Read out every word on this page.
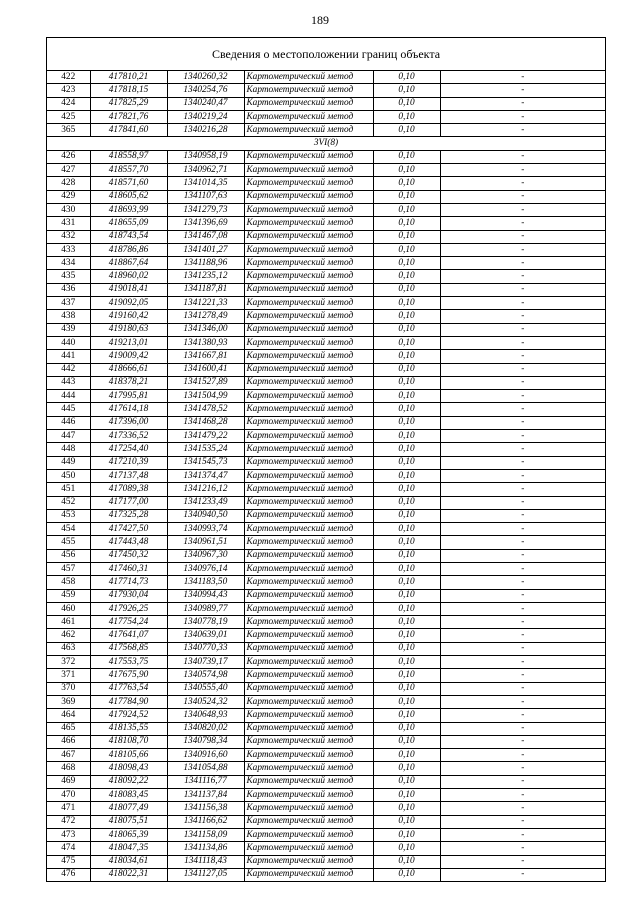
189
Сведения о местоположении границ объекта
422	417810,21	1340260,32	Картометрический метод	0,10	-
423	417818,15	1340254,76	Картометрический метод	0,10	-
424	417825,29	1340240,47	Картометрический метод	0,10	-
425	417821,76	1340219,24	Картометрический метод	0,10	-
365	417841,60	1340216,28	Картометрический метод	0,10	-
3VI(8)					
426	418558,97	1340958,19	Картометрический метод	0,10	-
427	418557,70	1340962,71	Картометрический метод	0,10	-
428	418571,60	1341014,35	Картометрический метод	0,10	-
429	418605,62	1341107,63	Картометрический метод	0,10	-
430	418693,99	1341279,73	Картометрический метод	0,10	-
431	418655,09	1341396,69	Картометрический метод	0,10	-
432	418743,54	1341467,08	Картометрический метод	0,10	-
433	418786,86	1341401,27	Картометрический метод	0,10	-
434	418867,64	1341188,96	Картометрический метод	0,10	-
435	418960,02	1341235,12	Картометрический метод	0,10	-
436	419018,41	1341187,81	Картометрический метод	0,10	-
437	419092,05	1341221,33	Картометрический метод	0,10	-
438	419160,42	1341278,49	Картометрический метод	0,10	-
439	419180,63	1341346,00	Картометрический метод	0,10	-
440	419213,01	1341380,93	Картометрический метод	0,10	-
441	419009,42	1341667,81	Картометрический метод	0,10	-
442	418666,61	1341600,41	Картометрический метод	0,10	-
443	418378,21	1341527,89	Картометрический метод	0,10	-
444	417995,81	1341504,99	Картометрический метод	0,10	-
445	417614,18	1341478,52	Картометрический метод	0,10	-
446	417396,00	1341468,28	Картометрический метод	0,10	-
447	417336,52	1341479,22	Картометрический метод	0,10	-
448	417254,40	1341535,24	Картометрический метод	0,10	-
449	417210,39	1341545,73	Картометрический метод	0,10	-
450	417137,48	1341374,47	Картометрический метод	0,10	-
451	417089,38	1341216,12	Картометрический метод	0,10	-
452	417177,00	1341233,49	Картометрический метод	0,10	-
453	417325,28	1340940,50	Картометрический метод	0,10	-
454	417427,50	1340993,74	Картометрический метод	0,10	-
455	417443,48	1340961,51	Картометрический метод	0,10	-
456	417450,32	1340967,30	Картометрический метод	0,10	-
457	417460,31	1340976,14	Картометрический метод	0,10	-
458	417714,73	1341183,50	Картометрический метод	0,10	-
459	417930,04	1340994,43	Картометрический метод	0,10	-
460	417926,25	1340989,77	Картометрический метод	0,10	-
461	417754,24	1340778,19	Картометрический метод	0,10	-
462	417641,07	1340639,01	Картометрический метод	0,10	-
463	417568,85	1340770,33	Картометрический метод	0,10	-
372	417553,75	1340739,17	Картометрический метод	0,10	-
371	417675,90	1340574,98	Картометрический метод	0,10	-
370	417763,54	1340555,40	Картометрический метод	0,10	-
369	417784,90	1340524,32	Картометрический метод	0,10	-
464	417924,52	1340648,93	Картометрический метод	0,10	-
465	418135,55	1340820,02	Картометрический метод	0,10	-
466	418108,70	1340798,34	Картометрический метод	0,10	-
467	418105,66	1340916,60	Картометрический метод	0,10	-
468	418098,43	1341054,88	Картометрический метод	0,10	-
469	418092,22	1341116,77	Картометрический метод	0,10	-
470	418083,45	1341137,84	Картометрический метод	0,10	-
471	418077,49	1341156,38	Картометрический метод	0,10	-
472	418075,51	1341166,62	Картометрический метод	0,10	-
473	418065,39	1341158,09	Картометрический метод	0,10	-
474	418047,35	1341134,86	Картометрический метод	0,10	-
475	418034,61	1341118,43	Картометрический метод	0,10	-
476	418022,31	1341127,05	Картометрический метод	0,10	-
